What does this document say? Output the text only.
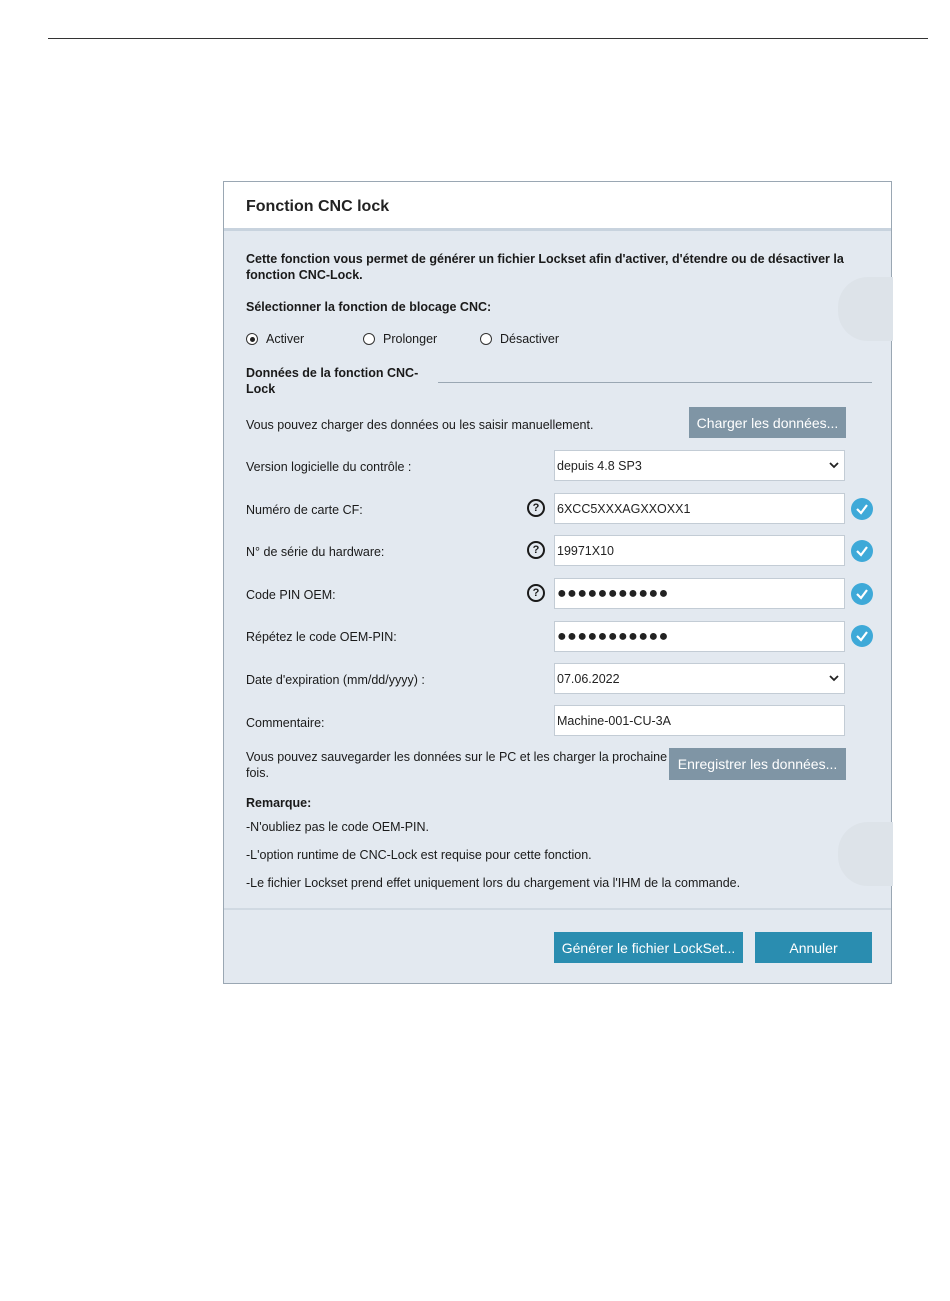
Fonction CNC lock
Cette fonction vous permet de générer un fichier Lockset afin d'activer, d'étendre ou de désactiver la
fonction CNC-Lock.
Sélectionner la fonction de blocage CNC:
Activer	Prolonger	Désactiver
Données de la fonction CNC-
Lock
Vous pouvez charger des données ou les saisir manuellement.	Charger les données...
Version logicielle du contrôle :	depuis 4.8 SP3
Numéro de carte CF:	?	6XCC5XXXAGXXOXX1
N° de série du hardware:	?	19971X10
Code PIN OEM:	?	●●●●●●●●●●●
Répétez le code OEM-PIN:	●●●●●●●●●●●
Date d'expiration (mm/dd/yyyy) :	07.06.2022
Commentaire:	Machine-001-CU-3A
Vous pouvez sauvegarder les données sur le PC et les charger la prochaine
fois.
Enregistrer les données...
Remarque:
-N'oubliez pas le code OEM-PIN.
-L'option runtime de CNC-Lock est requise pour cette fonction.
-Le fichier Lockset prend effet uniquement lors du chargement via l'IHM de la commande.
Générer le fichier LockSet...	Annuler
